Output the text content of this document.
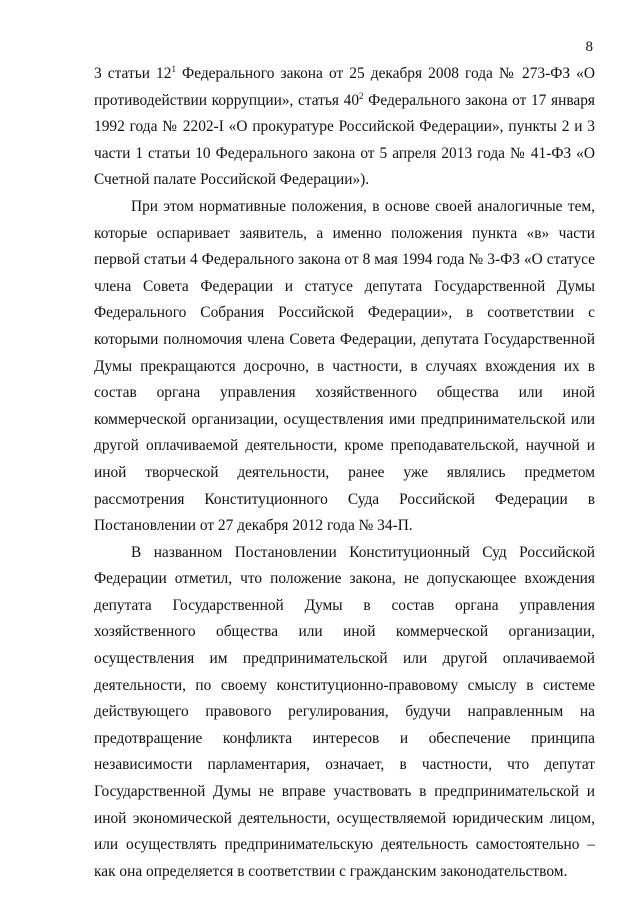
8

3 статьи $12^1$ Федерального закона от 25 декабря 2008 года № 273-ФЗ «О противодействии коррупции», статья $40^2$ Федерального закона от 17 января 1992 года № 2202-I «О прокуратуре Российской Федерации», пункты 2 и 3 части 1 статьи 10 Федерального закона от 5 апреля 2013 года № 41-ФЗ «О Счетной палате Российской Федерации»).

При этом нормативные положения, в основе своей аналогичные тем, которые оспаривает заявитель, а именно положения пункта «в» части первой статьи 4 Федерального закона от 8 мая 1994 года № 3-ФЗ «О статусе члена Совета Федерации и статусе депутата Государственной Думы Федерального Собрания Российской Федерации», в соответствии с которыми полномочия члена Совета Федерации, депутата Государственной Думы прекращаются досрочно, в частности, в случаях вхождения их в состав органа управления хозяйственного общества или иной коммерческой организации, осуществления ими предпринимательской или другой оплачиваемой деятельности, кроме преподавательской, научной и иной творческой деятельности, ранее уже являлись предметом рассмотрения Конституционного Суда Российской Федерации в Постановлении от 27 декабря 2012 года № 34-П.

В названном Постановлении Конституционный Суд Российской Федерации отметил, что положение закона, не допускающее вхождения депутата Государственной Думы в состав органа управления хозяйственного общества или иной коммерческой организации, осуществления им предпринимательской или другой оплачиваемой деятельности, по своему конституционно-правовому смыслу в системе действующего правового регулирования, будучи направленным на предотвращение конфликта интересов и обеспечение принципа независимости парламентария, означает, в частности, что депутат Государственной Думы не вправе участвовать в предпринимательской и иной экономической деятельности, осуществляемой юридическим лицом, или осуществлять предпринимательскую деятельность самостоятельно – как она определяется в соответствии с гражданским законодательством.
